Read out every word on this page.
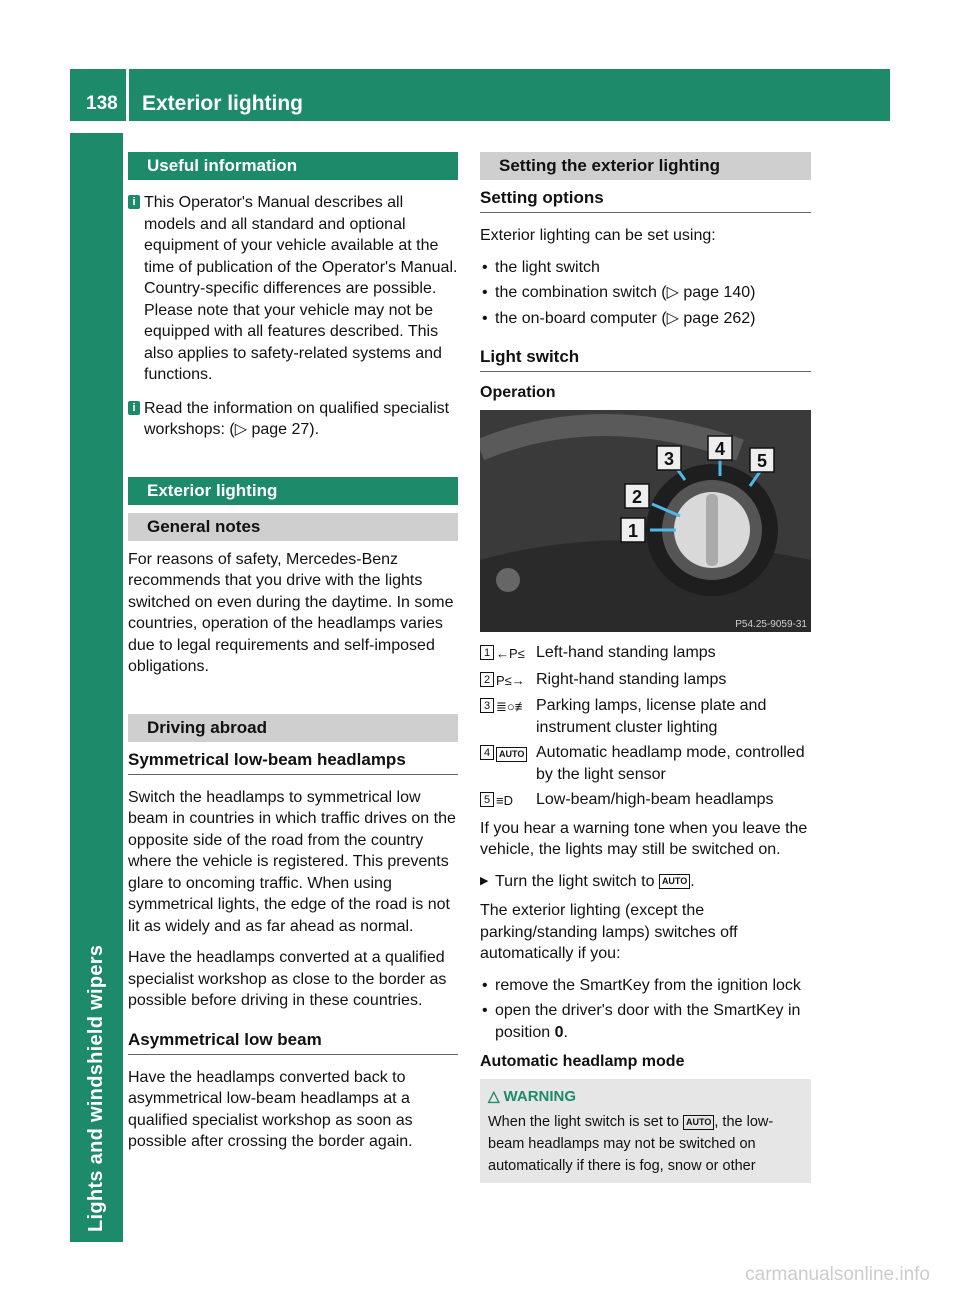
138	Exterior lighting
Lights and windshield wipers
Useful information
i This Operator's Manual describes all models and all standard and optional equipment of your vehicle available at the time of publication of the Operator's Manual. Country-specific differences are possible. Please note that your vehicle may not be equipped with all features described. This also applies to safety-related systems and functions.
i Read the information on qualified specialist workshops: (▷ page 27).
Exterior lighting
General notes

For reasons of safety, Mercedes-Benz recommends that you drive with the lights switched on even during the daytime. In some countries, operation of the headlamps varies due to legal requirements and self-imposed obligations.

Driving abroad
Symmetrical low-beam headlamps

Switch the headlamps to symmetrical low beam in countries in which traffic drives on the opposite side of the road from the country where the vehicle is registered. This prevents glare to oncoming traffic. When using symmetrical lights, the edge of the road is not lit as widely and as far ahead as normal.

Have the headlamps converted at a qualified specialist workshop as close to the border as possible before driving in these countries.

Asymmetrical low beam

Have the headlamps converted back to asymmetrical low-beam headlamps at a qualified specialist workshop as soon as possible after crossing the border again.

Setting the exterior lighting
Setting options

Exterior lighting can be set using:

• the light switch
• the combination switch (▷ page 140)
• the on-board computer (▷ page 262)
Light switch
Operation
3 4
5
2
1
P54.25-9059-31
1 ←P≤ Left-hand standing lamps
2 P≤→ Right-hand standing lamps
3 ≣○≢ Parking lamps, license plate and instrument cluster lighting
4 AUTO Automatic headlamp mode, controlled by the light sensor
5 ≡D	Low-beam/high-beam headlamps

If you hear a warning tone when you leave the vehicle, the lights may still be switched on.

▶ Turn the light switch to AUTO .

The exterior lighting (except the parking/standing lamps) switches off automatically if you:

• remove the SmartKey from the ignition lock
• open the driver's door with the SmartKey in position 0.
Automatic headlamp mode
△ WARNING

When the light switch is set to AUTO , the low-beam headlamps may not be switched on automatically if there is fog, snow or other

carmanualsonline.info
